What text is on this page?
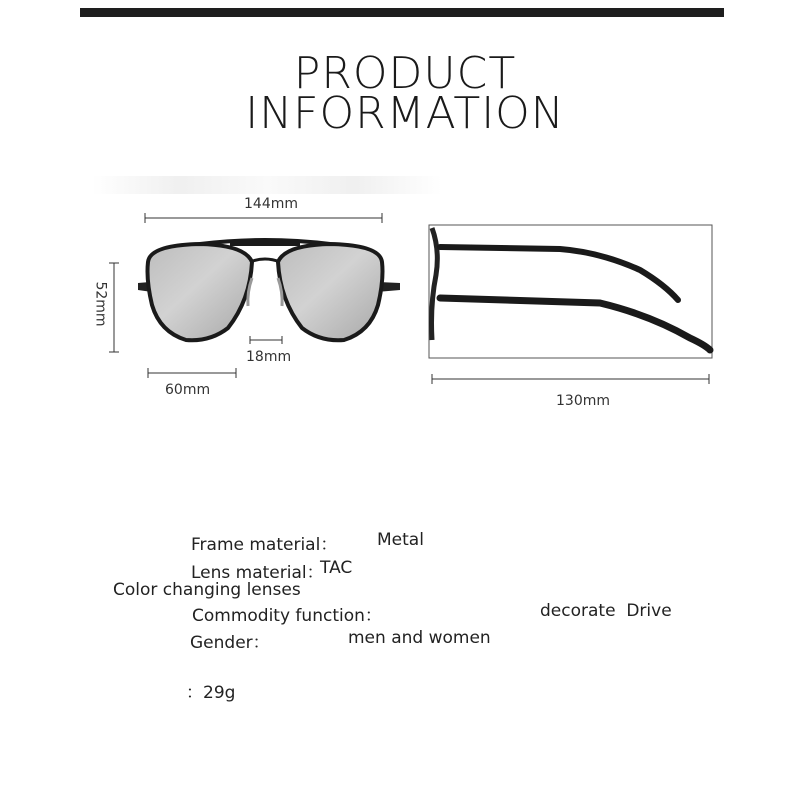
PRODUCT
INFORMATION
144mm
52mm
18mm
60mm
130mm
Frame material： Metal
Lens material：
TAC
Color changing lenses
Commodity function：	decorate  Drive
Gender：	men and women
：29g
